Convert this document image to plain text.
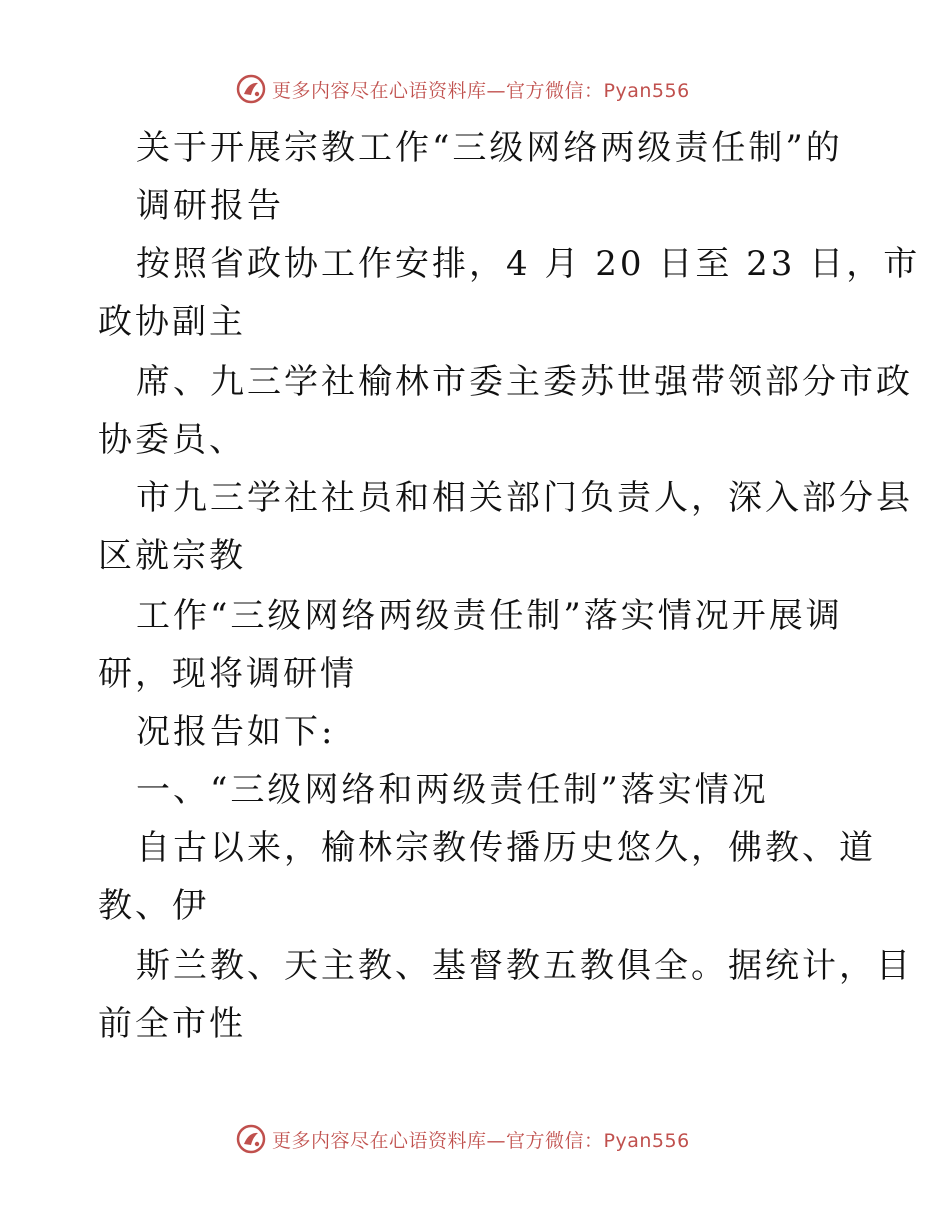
更多内容尽在心语资料库—官方微信：Pyan556
关于开展宗教工作“三级网络两级责任制”的
调研报告

按照省政协工作安排，4 月 20 日至 23 日，市

政协副主

席、九三学社榆林市委主委苏世强带领部分市政

协委员、

市九三学社社员和相关部门负责人，深入部分县

区就宗教

工作“三级网络两级责任制”落实情况开展调

研，现将调研情

况报告如下:

一、“三级网络和两级责任制”落实情况

自古以来，榆林宗教传播历史悠久，佛教、道

教、伊

斯兰教、天主教、基督教五教俱全。据统计，目

前全市性

更多内容尽在心语资料库—官方微信：Pyan556
